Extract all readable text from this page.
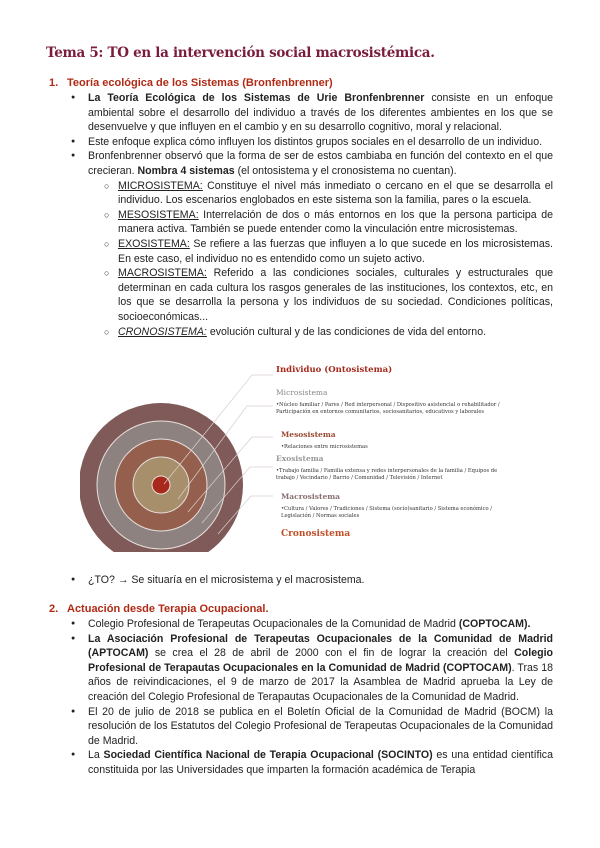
Tema 5: TO en la intervención social macrosistémica.
1. Teoría ecológica de los Sistemas (Bronfenbrenner)
● La Teoría Ecológica de los Sistemas de Urie Bronfenbrenner consiste en un enfoque ambiental sobre el desarrollo del individuo a través de los diferentes ambientes en los que se desenvuelve y que influyen en el cambio y en su desarrollo cognitivo, moral y relacional.
● Este enfoque explica cómo influyen los distintos grupos sociales en el desarrollo de un individuo.
● Bronfenbrenner observó que la forma de ser de estos cambiaba en función del contexto en el que crecieran. Nombra 4 sistemas (el ontosistema y el cronosistema no cuentan).
○ MICROSISTEMA: Constituye el nivel más inmediato o cercano en el que se desarrolla el individuo. Los escenarios englobados en este sistema son la familia, pares o la escuela.
○ MESOSISTEMA: Interrelación de dos o más entornos en los que la persona participa de manera activa. También se puede entender como la vinculación entre microsistemas.
○ EXOSISTEMA: Se refiere a las fuerzas que influyen a lo que sucede en los microsistemas. En este caso, el individuo no es entendido como un sujeto activo.
○ MACROSISTEMA: Referido a las condiciones sociales, culturales y estructurales que determinan en cada cultura los rasgos generales de las instituciones, los contextos, etc, en los que se desarrolla la persona y los individuos de su sociedad. Condiciones políticas, socioeconómicas...
○ CRONOSISTEMA: evolución cultural y de las condiciones de vida del entorno.
Individuo (Ontosistema)
Microsistema
•Núcleo familiar / Pares / Red interpersonal / Dispositivo asistencial o rehabilitador / Participación en entornos comunitarios, sociosanitarios, educativos y laborales
Mesosistema
•Relaciones entre microsistemas
Exosistema
•Trabajo familia / Familia extensa y redes interpersonales de la familia / Equipos de trabajo / Vecindario / Barrio / Comunidad / Televisión / Internet
Macrosistema
•Cultura / Valores / Tradiciones / Sistema (socio)sanitario / Sistema económico / Legislación / Normas sociales
Cronosistema
● ¿TO? → Se situaría en el microsistema y el macrosistema.
2. Actuación desde Terapia Ocupacional.
● Colegio Profesional de Terapeutas Ocupacionales de la Comunidad de Madrid (COPTOCAM).
● La Asociación Profesional de Terapeutas Ocupacionales de la Comunidad de Madrid (APTOCAM) se crea el 28 de abril de 2000 con el fin de lograr la creación del Colegio Profesional de Terapautas Ocupacionales en la Comunidad de Madrid (COPTOCAM). Tras 18 años de reivindicaciones, el 9 de marzo de 2017 la Asamblea de Madrid aprueba la Ley de creación del Colegio Profesional de Terapautas Ocupacionales de la Comunidad de Madrid.
● El 20 de julio de 2018 se publica en el Boletín Oficial de la Comunidad de Madrid (BOCM) la resolución de los Estatutos del Colegio Profesional de Terapeutas Ocupacionales de la Comunidad de Madrid.
● La Sociedad Científica Nacional de Terapia Ocupacional (SOCINTO) es una entidad científica constituida por las Universidades que imparten la formación académica de Terapia
